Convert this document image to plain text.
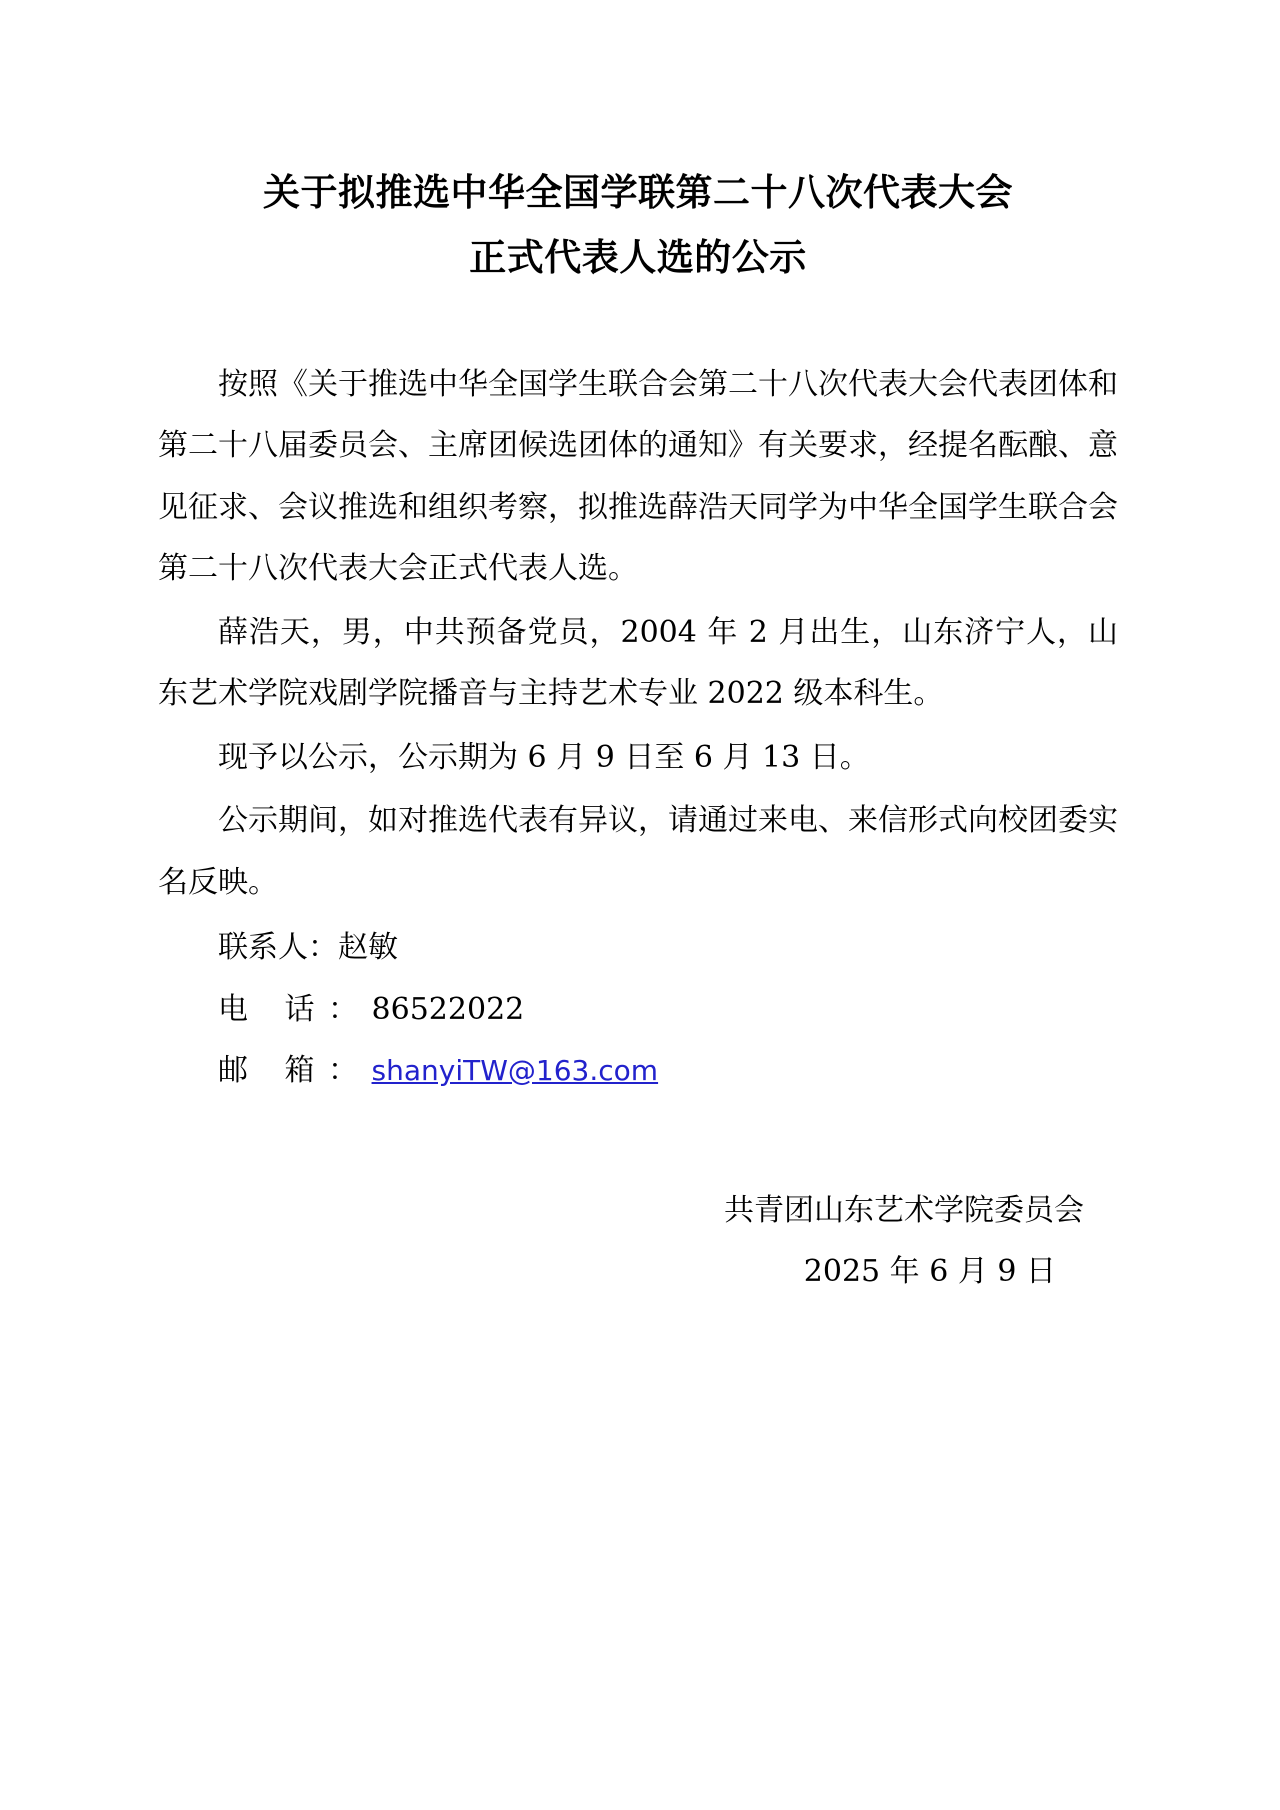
关于拟推选中华全国学联第二十八次代表大会
正式代表人选的公示

按照《关于推选中华全国学生联合会第二十八次代表大会代表团体和第二十八届委员会、主席团候选团体的通知》有关要求，经提名酝酿、意见征求、会议推选和组织考察，拟推选薛浩天同学为中华全国学生联合会第二十八次代表大会正式代表人选。

薛浩天，男，中共预备党员，2004 年 2 月出生，山东济宁人，山东艺术学院戏剧学院播音与主持艺术专业 2022 级本科生。

现予以公示，公示期为 6 月 9 日至 6 月 13 日。

公示期间，如对推选代表有异议，请通过来电、来信形式向校团委实名反映。

联系人：赵敏

电 话：86522022

邮 箱：shanyiTW@163.com

共青团山东艺术学院委员会
2025 年 6 月 9 日
